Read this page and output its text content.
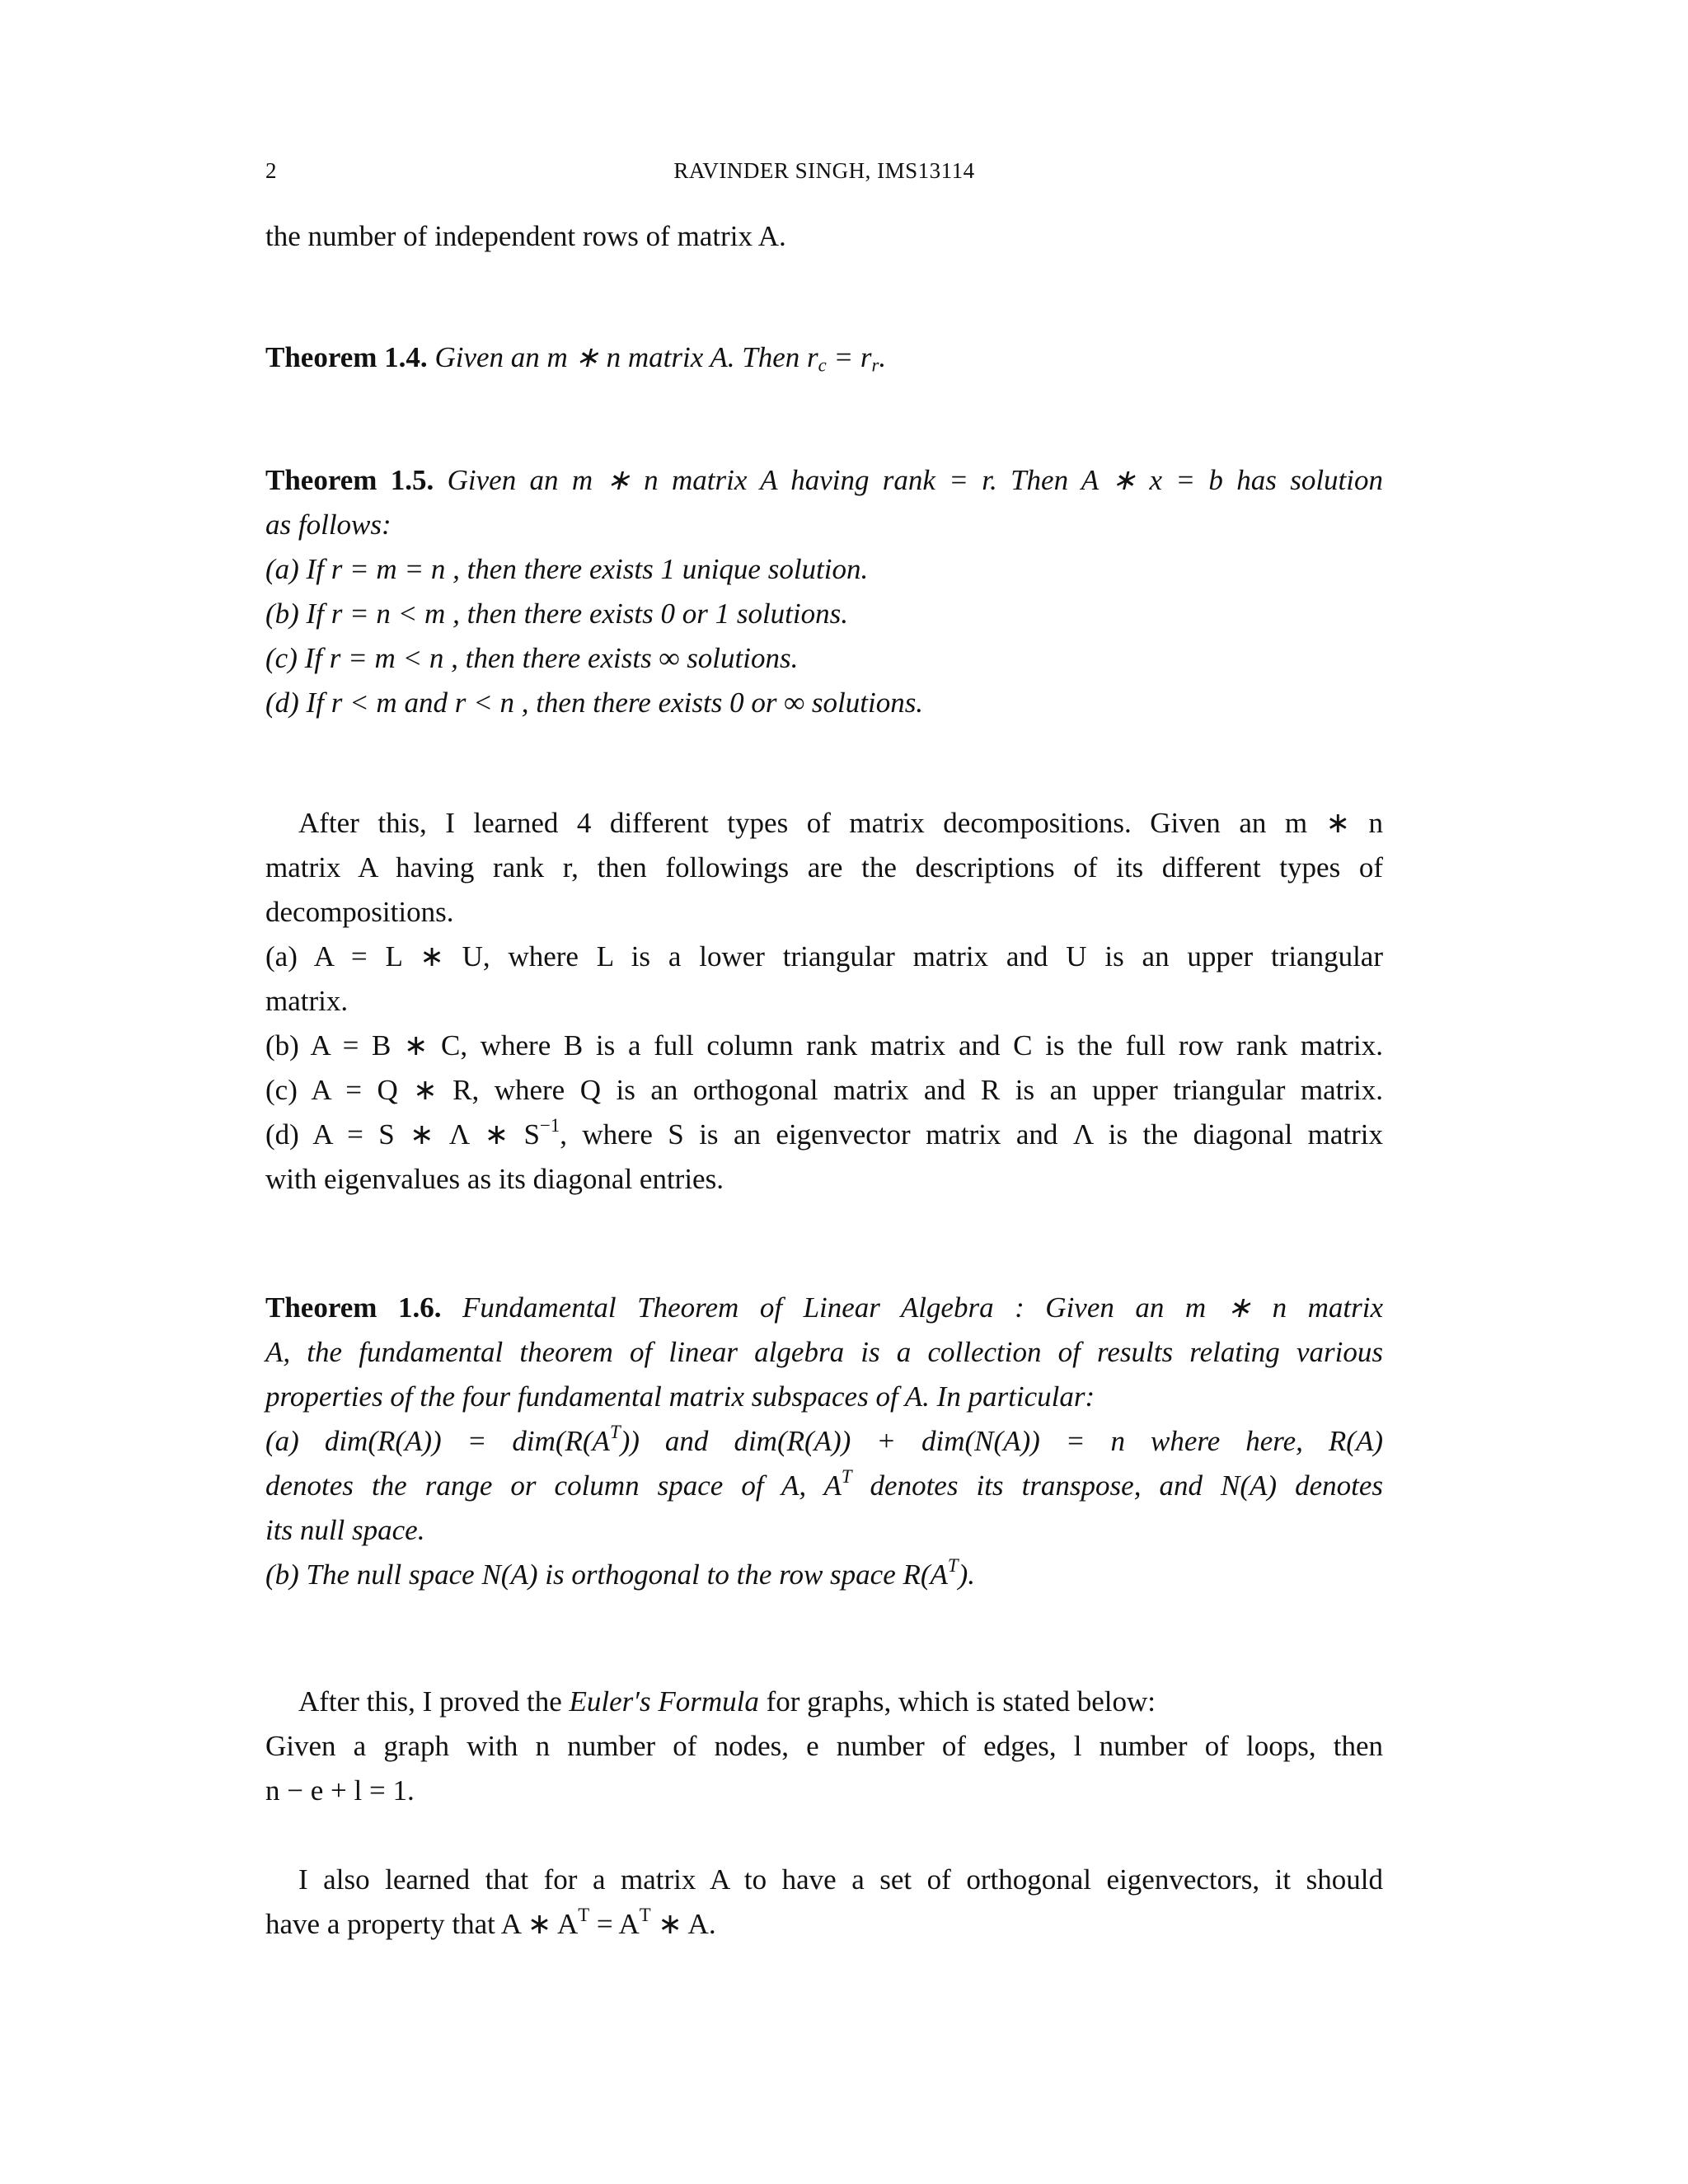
2	RAVINDER SINGH, IMS13114
the number of independent rows of matrix A.
Theorem 1.4. Given an m ∗ n matrix A. Then $r_c = r_r$.
Theorem 1.5. Given an m ∗ n matrix A having rank = r. Then A ∗ x = b has solution
as follows:
(a) If r = m = n , then there exists 1 unique solution.
(b) If r = n < m , then there exists 0 or 1 solutions.
(c) If r = m < n , then there exists ∞ solutions.
(d) If r < m and r < n , then there exists 0 or ∞ solutions.
After this, I learned 4 different types of matrix decompositions. Given an m ∗ n
matrix A having rank r, then followings are the descriptions of its different types of
decompositions.
(a) A = L ∗ U, where L is a lower triangular matrix and U is an upper triangular
matrix.
(b) A = B ∗ C, where B is a full column rank matrix and C is the full row rank matrix.
(c) A = Q ∗ R, where Q is an orthogonal matrix and R is an upper triangular matrix.
(d) A = S ∗ Λ ∗ $S^{-1}$, where S is an eigenvector matrix and Λ is the diagonal matrix
with eigenvalues as its diagonal entries.
Theorem 1.6. Fundamental Theorem of Linear Algebra : Given an m ∗ n matrix
A, the fundamental theorem of linear algebra is a collection of results relating various
properties of the four fundamental matrix subspaces of A. In particular:
(a) $dim(R(A)) = dim(R(A^T))$ and dim(R(A)) + dim(N(A)) = n where here, R(A)
denotes the range or column space of A, $A^T$ denotes its transpose, and N(A) denotes
its null space.
(b) The null space N(A) is orthogonal to the row space $R(A^T)$.
After this, I proved the Euler′s Formula for graphs, which is stated below:
Given a graph with n number of nodes, e number of edges, l number of loops, then
n − e + l = 1.
I also learned that for a matrix A to have a set of orthogonal eigenvectors, it should
have a property that A ∗ $A^T = A^T$ ∗ A.
